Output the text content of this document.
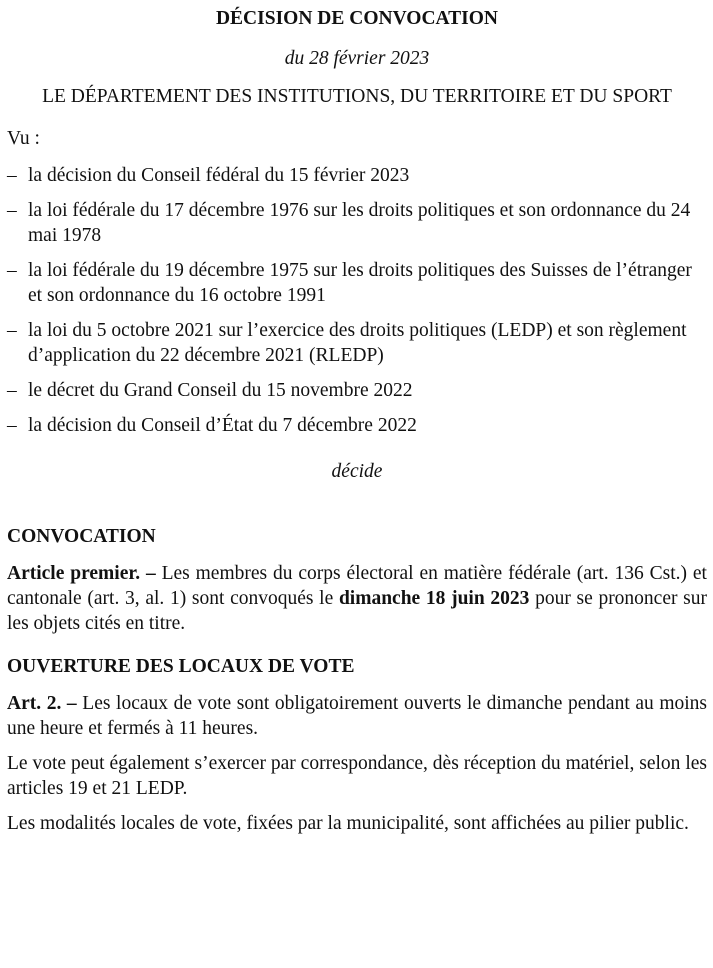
DÉCISION DE CONVOCATION
du 28 février 2023
LE DÉPARTEMENT DES INSTITUTIONS, DU TERRITOIRE ET DU SPORT
Vu :
– la décision du Conseil fédéral du 15 février 2023
– la loi fédérale du 17 décembre 1976 sur les droits politiques et son ordonnance du 24 mai 1978
– la loi fédérale du 19 décembre 1975 sur les droits politiques des Suisses de l’étranger et son ordonnance du 16 octobre 1991
– la loi du 5 octobre 2021 sur l’exercice des droits politiques (LEDP) et son règlement d’application du 22 décembre 2021 (RLEDP)
– le décret du Grand Conseil du 15 novembre 2022
– la décision du Conseil d’État du 7 décembre 2022
décide
CONVOCATION

Article premier. – Les membres du corps électoral en matière fédérale (art. 136 Cst.) et cantonale (art. 3, al. 1) sont convoqués le dimanche 18 juin 2023 pour se prononcer sur les objets cités en titre.

OUVERTURE DES LOCAUX DE VOTE

Art. 2. – Les locaux de vote sont obligatoirement ouverts le dimanche pendant au moins une heure et fermés à 11 heures.

Le vote peut également s’exercer par correspondance, dès réception du matériel, selon les articles 19 et 21 LEDP.

Les modalités locales de vote, fixées par la municipalité, sont affichées au pilier public.
